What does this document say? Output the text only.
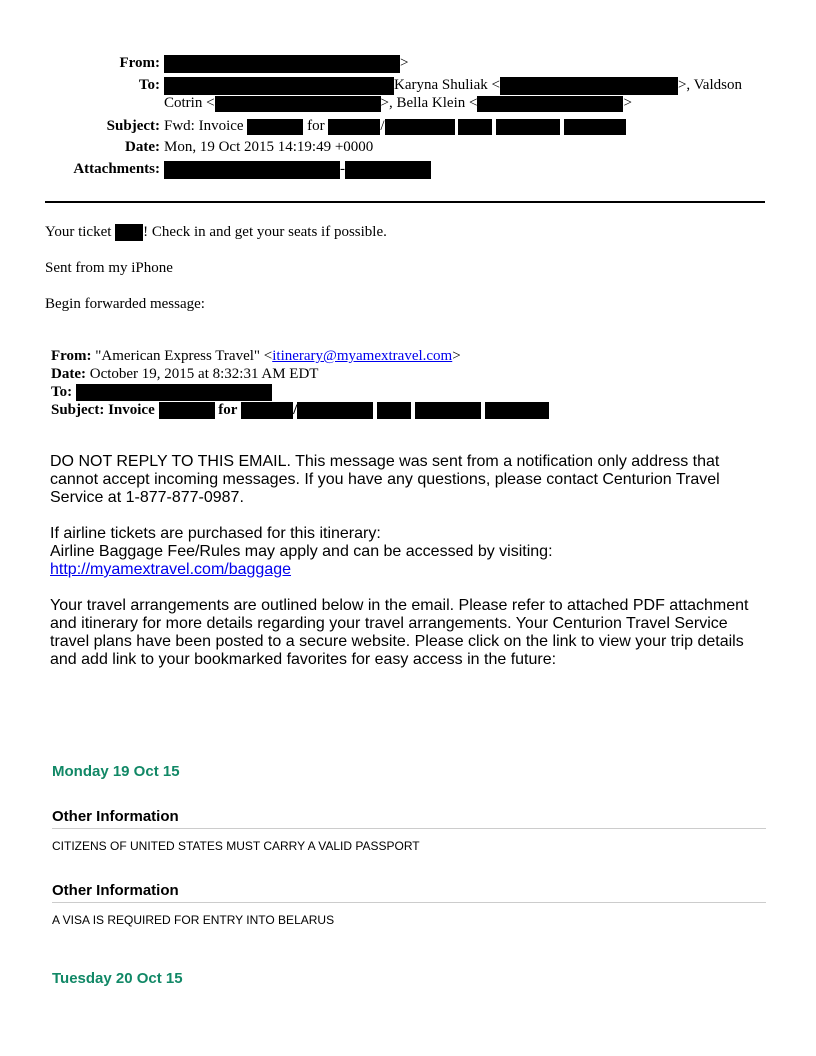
From:	>
To:	Karyna Shuliak <	>, Valdson
Cotrin <	>, Bella Klein <	>
Subject: Fwd: Invoice	for	/
Date: Mon, 19 Oct 2015 14:19:49 +0000
Attachments:	-
Your ticket ! Check in and get your seats if possible.
Sent from my iPhone
Begin forwarded message:
From: "American Express Travel" <itinerary@myamextravel.com>
Date: October 19, 2015 at 8:32:31 AM EDT
To:
Subject: Invoice	for	/
DO NOT REPLY TO THIS EMAIL. This message was sent from a notification only address that cannot accept incoming messages. If you have any questions, please contact Centurion Travel Service at 1-877-877-0987.
If airline tickets are purchased for this itinerary:
Airline Baggage Fee/Rules may apply and can be accessed by visiting:
http://myamextravel.com/baggage
Your travel arrangements are outlined below in the email. Please refer to attached PDF attachment and itinerary for more details regarding your travel arrangements. Your Centurion Travel Service travel plans have been posted to a secure website. Please click on the link to view your trip details and add link to your bookmarked favorites for easy access in the future:
Monday 19 Oct 15
Other Information
CITIZENS OF UNITED STATES MUST CARRY A VALID PASSPORT
Other Information
A VISA IS REQUIRED FOR ENTRY INTO BELARUS
Tuesday 20 Oct 15
